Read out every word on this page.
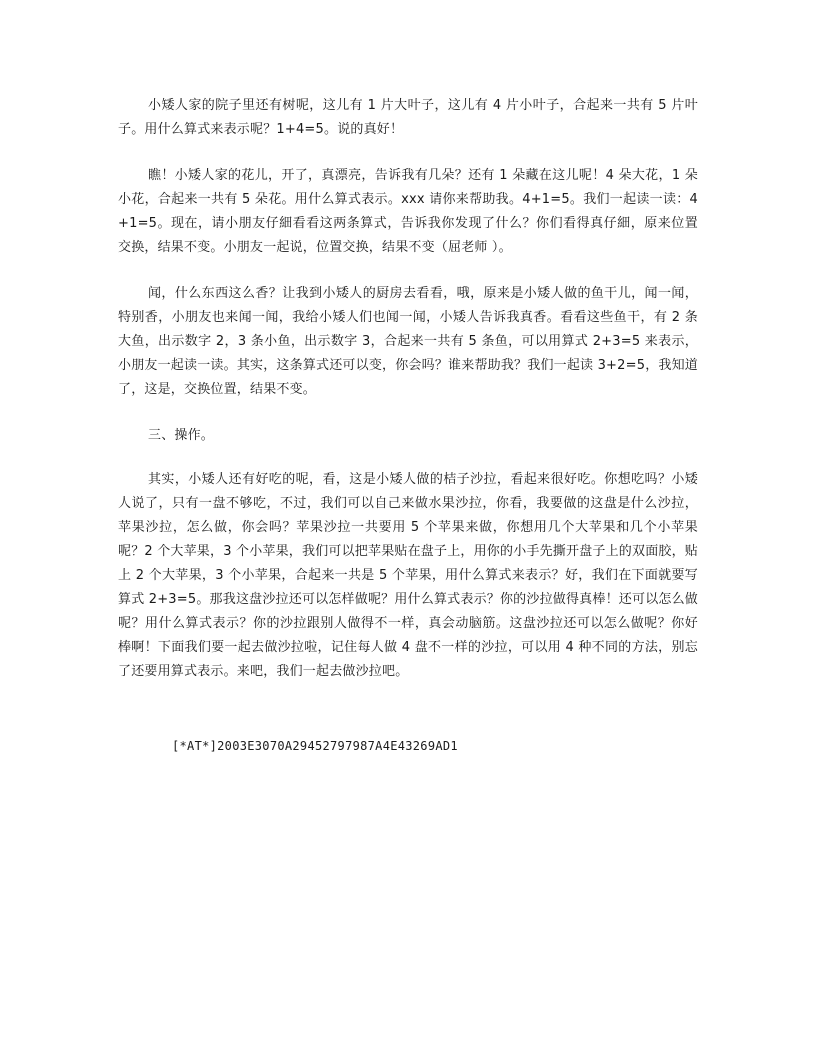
小矮人家的院子里还有树呢，这儿有 1 片大叶子，这儿有 4 片小叶子，合起来一共有 5 片叶子。用什么算式来表示呢？1+4=5。说的真好！

瞧！小矮人家的花儿，开了，真漂亮，告诉我有几朵？还有 1 朵藏在这儿呢！4 朵大花，1 朵小花，合起来一共有 5 朵花。用什么算式表示。xxx 请你来帮助我。4+1=5。我们一起读一读：4+1=5。现在，请小朋友仔細看看这两条算式，告诉我你发现了什么？你们看得真仔細，原来位置交换，结果不变。小朋友一起说，位置交换，结果不变（屈老师 ）。

闻，什么东西这么香？让我到小矮人的厨房去看看，哦，原来是小矮人做的鱼干儿，闻一闻，特别香，小朋友也来闻一闻，我给小矮人们也闻一闻，小矮人告诉我真香。看看这些鱼干，有 2 条大鱼，出示数字 2，3 条小鱼，出示数字 3，合起来一共有 5 条鱼，可以用算式 2+3=5 来表示，小朋友一起读一读。其实，这条算式还可以变，你会吗？谁来帮助我？我们一起读 3+2=5，我知道了，这是，交换位置，结果不变。

三、操作。

其实，小矮人还有好吃的呢，看，这是小矮人做的桔子沙拉，看起来很好吃。你想吃吗？小矮人说了，只有一盘不够吃，不过，我们可以自己来做水果沙拉，你看，我要做的这盘是什么沙拉，苹果沙拉，怎么做，你会吗？苹果沙拉一共要用 5 个苹果来做，你想用几个大苹果和几个小苹果呢？2 个大苹果，3 个小苹果，我们可以把苹果贴在盘子上，用你的小手先撕开盘子上的双面胶，贴上 2 个大苹果，3 个小苹果，合起来一共是 5 个苹果，用什么算式来表示？好，我们在下面就要写算式 2+3=5。那我这盘沙拉还可以怎样做呢？用什么算式表示？你的沙拉做得真棒！还可以怎么做呢？用什么算式表示？你的沙拉跟别人做得不一样，真会动脑筋。这盘沙拉还可以怎么做呢？你好棒啊！下面我们要一起去做沙拉啦，记住每人做 4 盘不一样的沙拉，可以用 4 种不同的方法，别忘了还要用算式表示。来吧，我们一起去做沙拉吧。

[*AT*]2003E3070A29452797987A4E43269AD1
